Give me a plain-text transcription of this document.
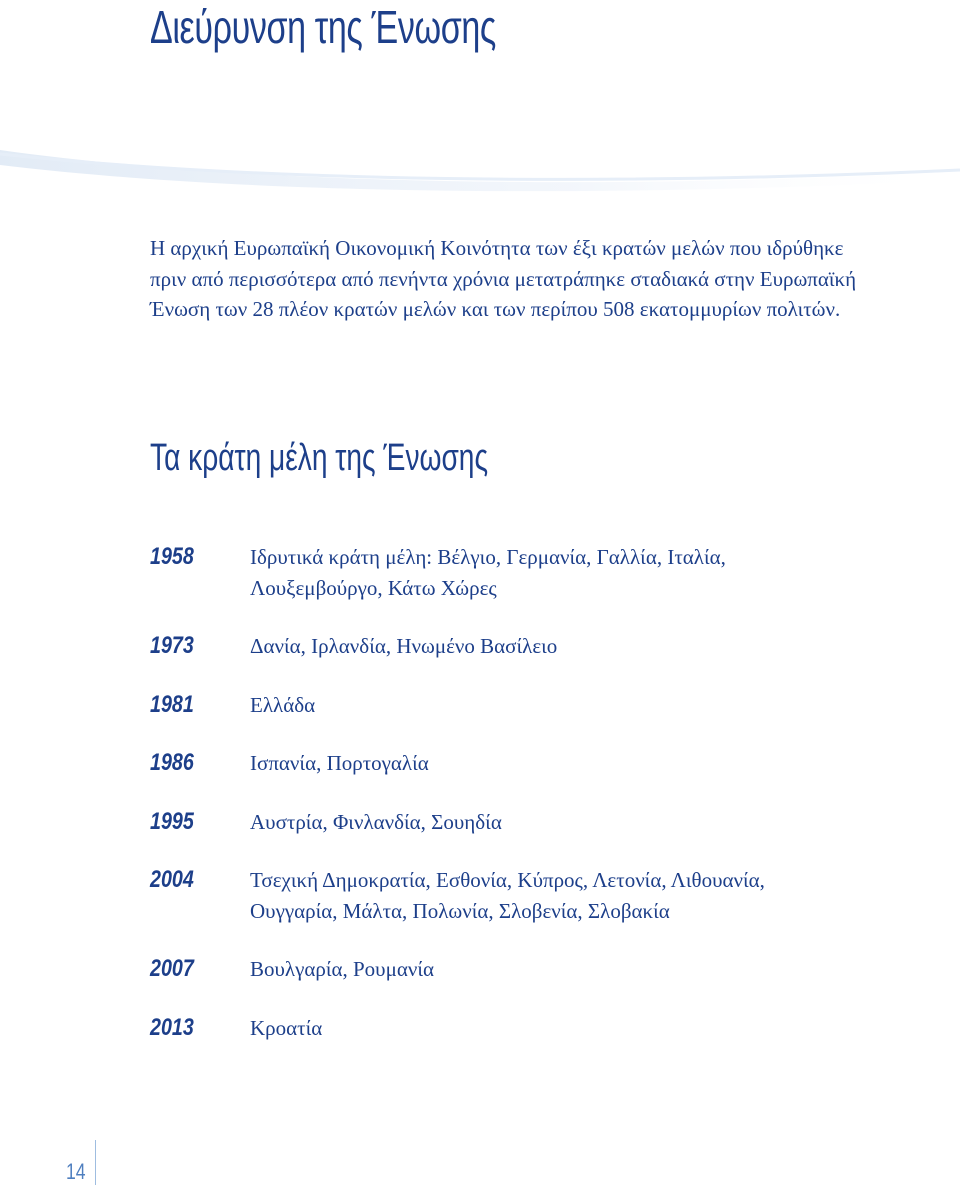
Διεύρυνση της Ένωσης

Η αρχική Ευρωπαϊκή Οικονομική Κοινότητα των έξι κρατών μελών που ιδρύθηκε πριν από περισσότερα από πενήντα χρόνια μετατράπηκε σταδιακά στην Ευρωπαϊκή Ένωση των 28 πλέον κρατών μελών και των περίπου 508 εκατομμυρίων πολιτών.

Τα κράτη μέλη της Ένωσης
1958	Ιδρυτικά κράτη μέλη: Βέλγιο, Γερμανία, Γαλλία, Ιταλία, Λουξεμβούργο, Κάτω Χώρες
1973	Δανία, Ιρλανδία, Ηνωμένο Βασίλειο
1981	Ελλάδα
1986	Ισπανία, Πορτογαλία
1995	Αυστρία, Φινλανδία, Σουηδία
2004	Τσεχική Δημοκρατία, Εσθονία, Κύπρος, Λετονία, Λιθουανία, Ουγγαρία, Μάλτα, Πολωνία, Σλοβενία, Σλοβακία
2007	Βουλγαρία, Ρουμανία
2013	Κροατία
14
